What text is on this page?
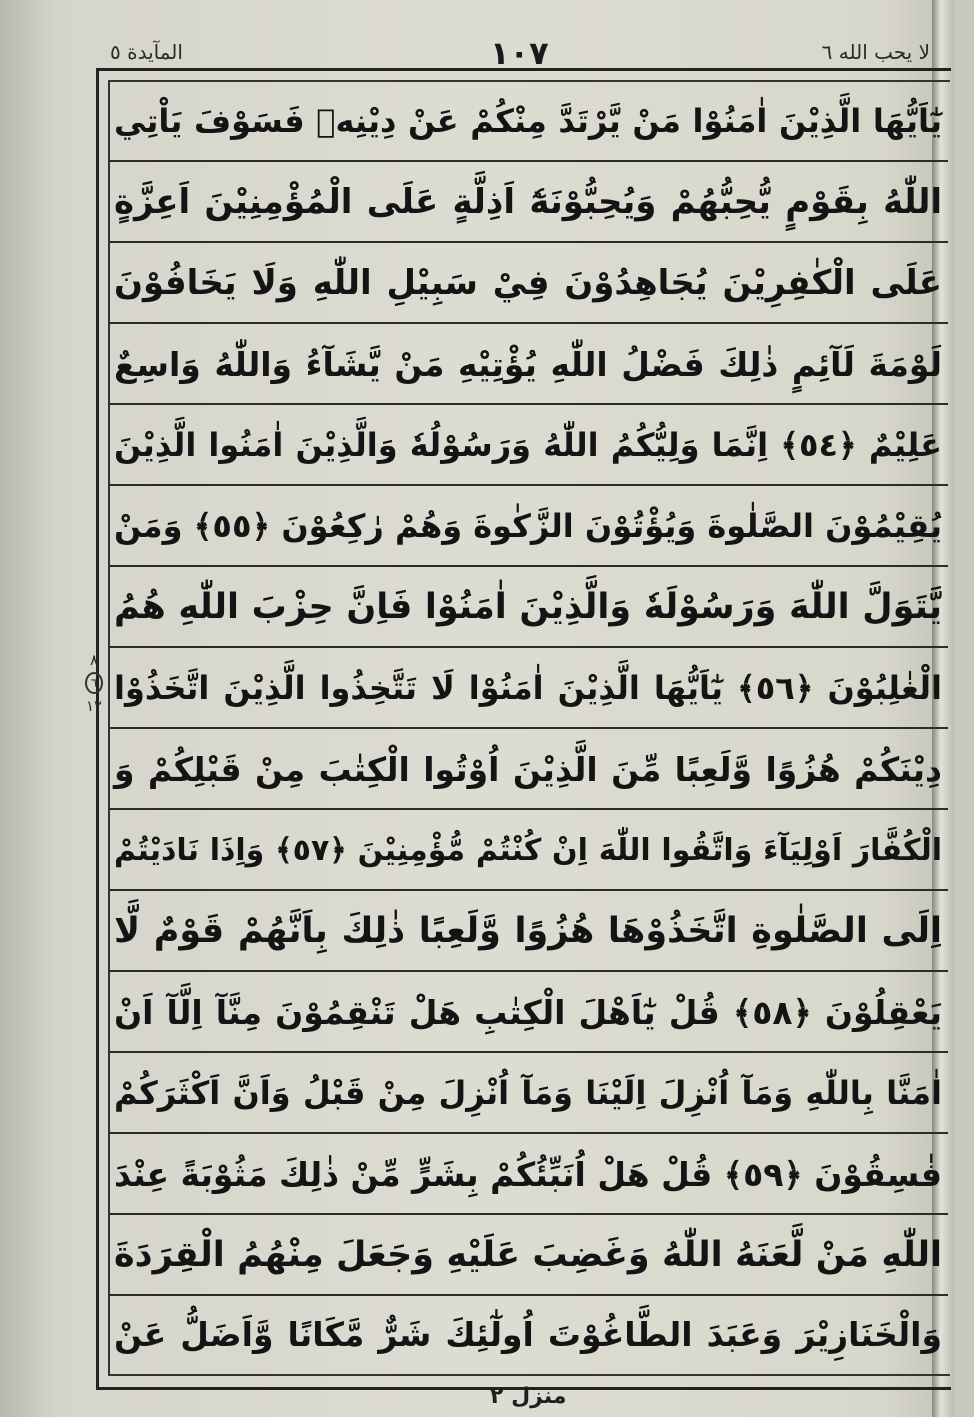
لا يحب الله ٦
١٠٧
المآيدة ٥
٨
٦
١٢
يٰٓاَيُّهَا الَّذِيْنَ اٰمَنُوْا مَنْ يَّرْتَدَّ مِنْكُمْ عَنْ دِيْنِهٖ فَسَوْفَ يَاْتِي
اللّٰهُ بِقَوْمٍ يُّحِبُّهُمْ وَيُحِبُّوْنَهٗٓ اَذِلَّةٍ عَلَى الْمُؤْمِنِيْنَ اَعِزَّةٍ
عَلَى الْكٰفِرِيْنَ يُجَاهِدُوْنَ فِيْ سَبِيْلِ اللّٰهِ وَلَا يَخَافُوْنَ
لَوْمَةَ لَآئِمٍ ذٰلِكَ فَضْلُ اللّٰهِ يُؤْتِيْهِ مَنْ يَّشَآءُ وَاللّٰهُ وَاسِعٌ
عَلِيْمٌ ﴿٥٤﴾ اِنَّمَا وَلِيُّكُمُ اللّٰهُ وَرَسُوْلُهٗ وَالَّذِيْنَ اٰمَنُوا الَّذِيْنَ
يُقِيْمُوْنَ الصَّلٰوةَ وَيُؤْتُوْنَ الزَّكٰوةَ وَهُمْ رٰكِعُوْنَ ﴿٥٥﴾ وَمَنْ
يَّتَوَلَّ اللّٰهَ وَرَسُوْلَهٗ وَالَّذِيْنَ اٰمَنُوْا فَاِنَّ حِزْبَ اللّٰهِ هُمُ
الْغٰلِبُوْنَ ﴿٥٦﴾ يٰٓاَيُّهَا الَّذِيْنَ اٰمَنُوْا لَا تَتَّخِذُوا الَّذِيْنَ اتَّخَذُوْا
دِيْنَكُمْ هُزُوًا وَّلَعِبًا مِّنَ الَّذِيْنَ اُوْتُوا الْكِتٰبَ مِنْ قَبْلِكُمْ وَ
الْكُفَّارَ اَوْلِيَآءَ وَاتَّقُوا اللّٰهَ اِنْ كُنْتُمْ مُّؤْمِنِيْنَ ﴿٥٧﴾ وَاِذَا نَادَيْتُمْ
اِلَى الصَّلٰوةِ اتَّخَذُوْهَا هُزُوًا وَّلَعِبًا ذٰلِكَ بِاَنَّهُمْ قَوْمٌ لَّا
يَعْقِلُوْنَ ﴿٥٨﴾ قُلْ يٰٓاَهْلَ الْكِتٰبِ هَلْ تَنْقِمُوْنَ مِنَّآ اِلَّآ اَنْ
اٰمَنَّا بِاللّٰهِ وَمَآ اُنْزِلَ اِلَيْنَا وَمَآ اُنْزِلَ مِنْ قَبْلُ وَاَنَّ اَكْثَرَكُمْ
فٰسِقُوْنَ ﴿٥٩﴾ قُلْ هَلْ اُنَبِّئُكُمْ بِشَرٍّ مِّنْ ذٰلِكَ مَثُوْبَةً عِنْدَ
اللّٰهِ مَنْ لَّعَنَهُ اللّٰهُ وَغَضِبَ عَلَيْهِ وَجَعَلَ مِنْهُمُ الْقِرَدَةَ
وَالْخَنَازِيْرَ وَعَبَدَ الطَّاغُوْتَ اُولٰٓئِكَ شَرٌّ مَّكَانًا وَّاَضَلُّ عَنْ
منزل ٢
